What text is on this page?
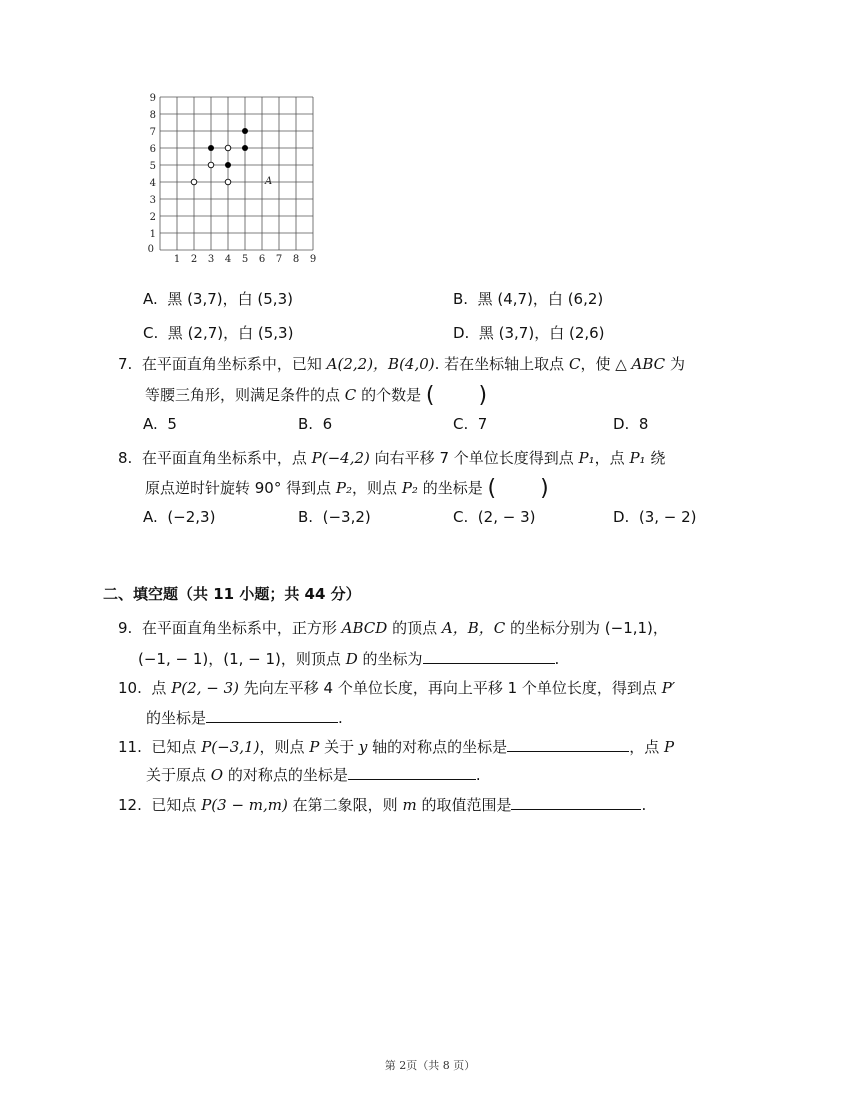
1 2 3 4 5 6 7 8 9
1
2
3
4
5
6
7
8
9
0
A
A. 黑 (3,7)，白 (5,3)	B. 黑 (4,7)，白 (6,2)
C. 黑 (2,7)，白 (5,3)	D. 黑 (3,7)，白 (2,6)
7. 在平面直角坐标系中，已知 A(2,2)，B(4,0). 若在坐标轴上取点 C，使 △ ABC 为
等腰三角形，则满足条件的点 C 的个数是 (　　)
A. 5	B. 6	C. 7	D. 8
8. 在平面直角坐标系中，点 P(−4,2) 向右平移 7 个单位长度得到点 P₁，点 P₁ 绕
原点逆时针旋转 90° 得到点 P₂，则点 P₂ 的坐标是 (　　)
A. (−2,3)	B. (−3,2)	C. (2, − 3)	D. (3, − 2)
二、填空题（共 11 小题；共 44 分）
9. 在平面直角坐标系中，正方形 ABCD 的顶点 A，B，C 的坐标分别为 (−1,1)，
(−1, − 1)，(1, − 1)，则顶点 D 的坐标为	.
10. 点 P(2, − 3) 先向左平移 4 个单位长度，再向上平移 1 个单位长度，得到点 P′
的坐标是	.
11. 已知点 P(−3,1)，则点 P 关于 y 轴的对称点的坐标是	，点 P
关于原点 O 的对称点的坐标是	.
12. 已知点 P(3 − m,m) 在第二象限，则 m 的取值范围是	.
第 2页（共 8 页）
